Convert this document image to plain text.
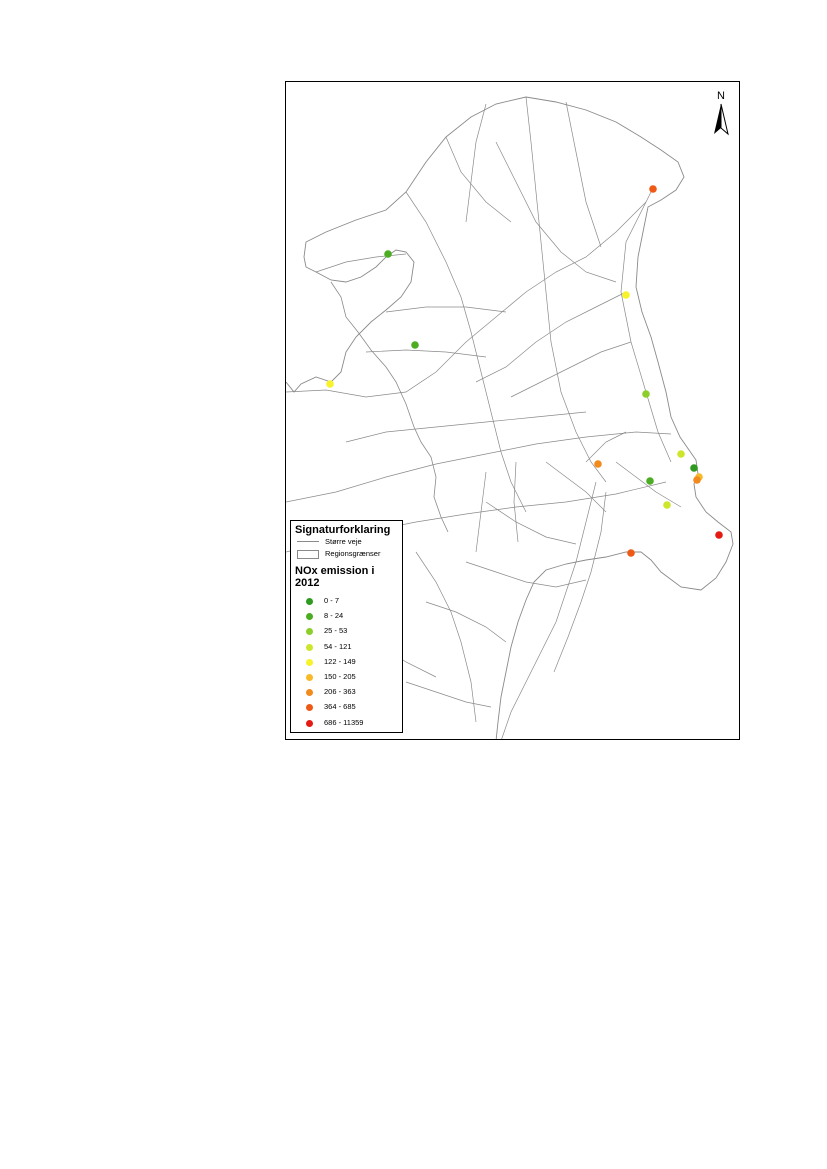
N
Signaturforklaring
Større veje
Regionsgrænser
NOx emission i 2012
0 - 7
8 - 24
25 - 53
54 - 121
122 - 149
150 - 205
206 - 363
364 - 685
686 - 11359
